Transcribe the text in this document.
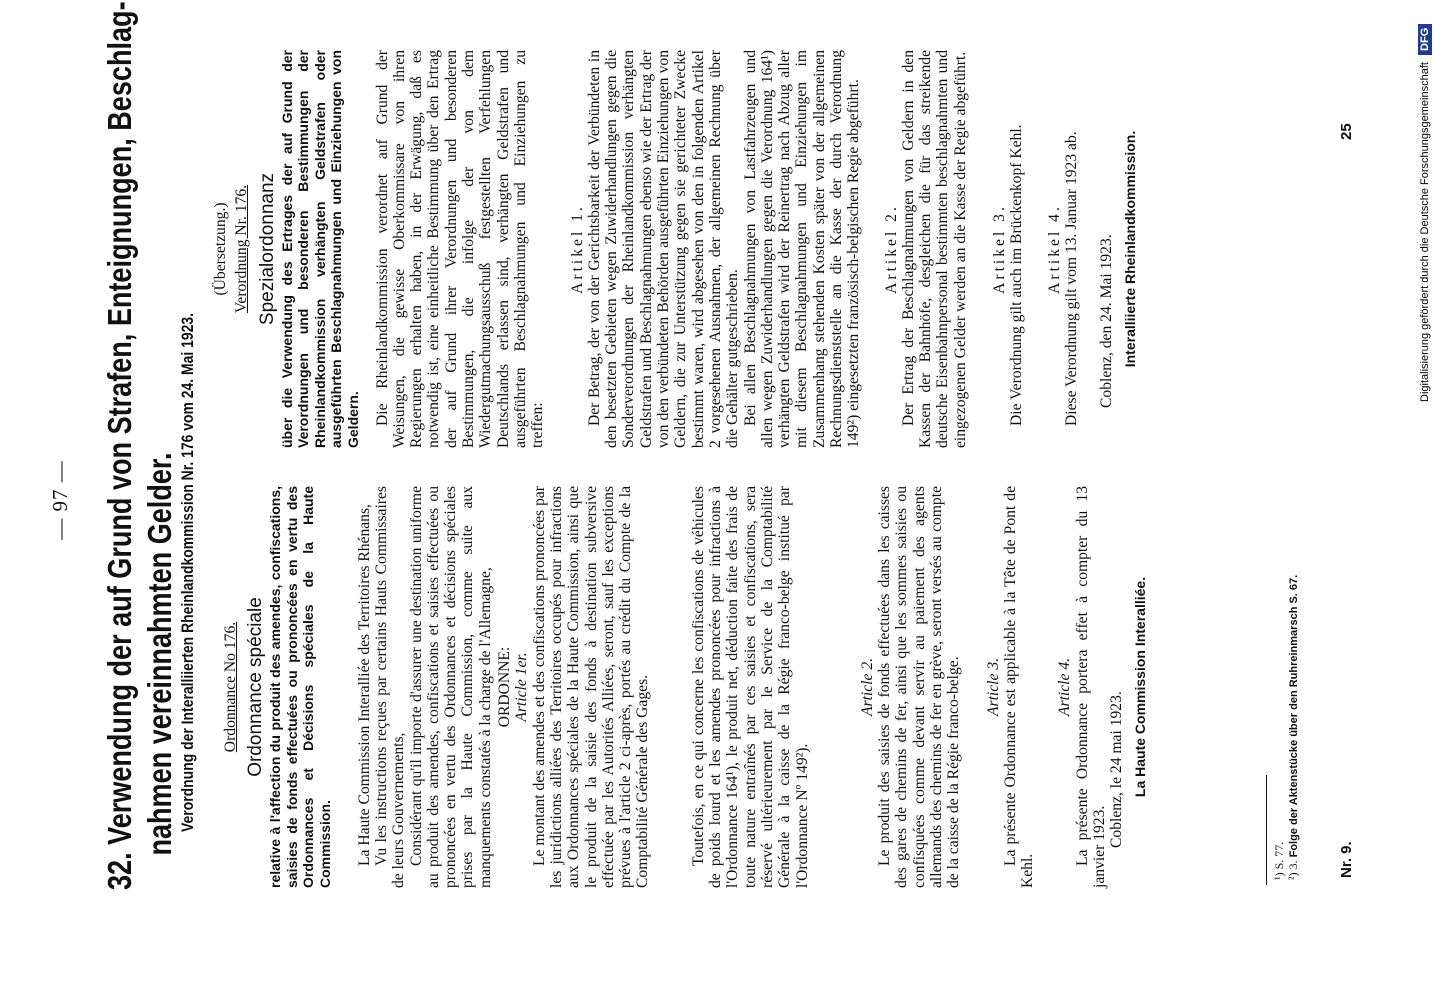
— 97 — 32. Verwendung der auf Grund von Strafen, Enteignungen, Beschlag- nahmen vereinnahmten Gelder. Verordnung der Interalliierten Rheinlandkommission Nr. 176 vom 24. Mai 1923. Ordonnance No 176. Ordonnance spéciale relative à l'affection du produit des amendes, confiscations, saisies de fonds effectuées ou prononcées en vertu des Ordonnances et Décisions spéciales de la Haute Commission. La Haute Commission Interalliée des Territoires Rhénans, Vu les instructions reçues par certains Hauts Commissaires de leurs Gouvernements, Considérant qu'il importe d'assurer une destination uniforme au produit des amendes, confiscations et saisies effectuées ou prononcées en vertu des Ordonnances et décisions spéciales prises par la Haute Commission, comme suite aux manquements constatés à la charge de l'Allemagne, ORDONNE: Article 1er. Le montant des amendes et des confiscations prononcées par les juridictions alliées des Territoires occupés pour infractions aux Ordonnances spéciales de la Haute Commission, ainsi que le produit de la saisie des fonds à destination subversive effectuée par les Autorités Alliées, seront, sauf les exceptions prévues à l'article 2 ci-après, portés au crédit du Compte de la Comptabilité Générale des Gages. Toutefois, en ce qui concerne les confiscations de véhicules de poids lourd et les amendes prononcées pour infractions à l'Ordonnance 164¹), le produit net, déduction faite des frais de toute nature entraînés par ces saisies et confiscations, sera réservé ultérieurement par le Service de la Comptabilité Générale à la caisse de la Régie franco-belge institué par l'Ordonnance Nº 149²).

Article 2. Le produit des saisies de fonds effectuées dans les caisses des gares de chemins de fer, ainsi que les sommes saisies ou confisquées comme devant servir au paiement des agents allemands des chemins de fer en grève, seront versés au compte de la caisse de la Régie franco-belge. Article 3. La présente Ordonnance est applicable à la Tête de Pont de Kehl.

Article 4. La présente Ordonnance portera effet à compter du 13 janvier 1923. Coblenz, le 24 mai 1923. La Haute Commission Interalliée.

(Übersetzung.) Verordnung Nr. 176. Spezialordonnanz über die Verwendung des Ertrages der auf Grund der Verordnungen und besonderen Bestimmungen der Rheinlandkommission verhängten Geldstrafen oder ausgeführten Beschlagnahmungen und Einziehungen von Geldern. Die Rheinlandkommission verordnet auf Grund der Weisungen, die gewisse Oberkommissare von ihren Regierungen erhalten haben, in der Erwägung, daß es notwendig ist, eine einheitliche Bestimmung über den Ertrag der auf Grund ihrer Verordnungen und besonderen Bestimmungen, die infolge der von dem Wiedergutmachungsausschuß festgestellten Verfehlungen Deutschlands erlassen sind, verhängten Geldstrafen und ausgeführten Beschlagnahmungen und Einziehungen zu treffen:

Artikel 1. Der Betrag, der von der Gerichtsbarkeit der Verbündeten in den besetzten Gebieten wegen Zuwiderhandlungen gegen die Sonderverordnungen der Rheinlandkommission verhängten Geldstrafen und Beschlagnahmungen ebenso wie der Ertrag der von den verbündeten Behörden ausgeführten Einziehungen von Geldern, die zur Unterstützung gegen sie gerichteter Zwecke bestimmt waren, wird abgesehen von den in folgenden Artikel 2 vorgesehenen Ausnahmen, der allgemeinen Rechnung über die Gehälter gutgeschrieben. Bei allen Beschlagnahmungen von Lastfahrzeugen und allen wegen Zuwiderhandlungen gegen die Verordnung 164¹) verhängten Geldstrafen wird der Reinertrag nach Abzug aller mit diesem Beschlagnahmungen und Einziehungen im Zusammenhang stehenden Kosten später von der allgemeinen Rechnungsdienststelle an die Kasse der durch Verordnung 149²) eingesetzten französisch-belgischen Regie abgeführt. Artikel 2. Der Ertrag der Beschlagnahmungen von Geldern in den Kassen der Bahnhöfe, desgleichen die für das streikende deutsche Eisenbahnpersonal bestimmten beschlagnahmten und eingezogenen Gelder werden an die Kasse der Regie abgeführt. Artikel 3. Die Verordnung gilt auch im Brückenkopf Kehl. Artikel 4. Diese Verordnung gilt vom 13. Januar 1923 ab. Coblenz, den 24. Mai 1923. Interalliierte Rheinlandkommission.

¹) S. 77. ²) 3. Folge der Aktenstücke über den Ruhreinmarsch S. 67.
Nr. 9.
25	Digitalisierung gefördert durch die Deutsche Forschungsgemeinschaft DFG
